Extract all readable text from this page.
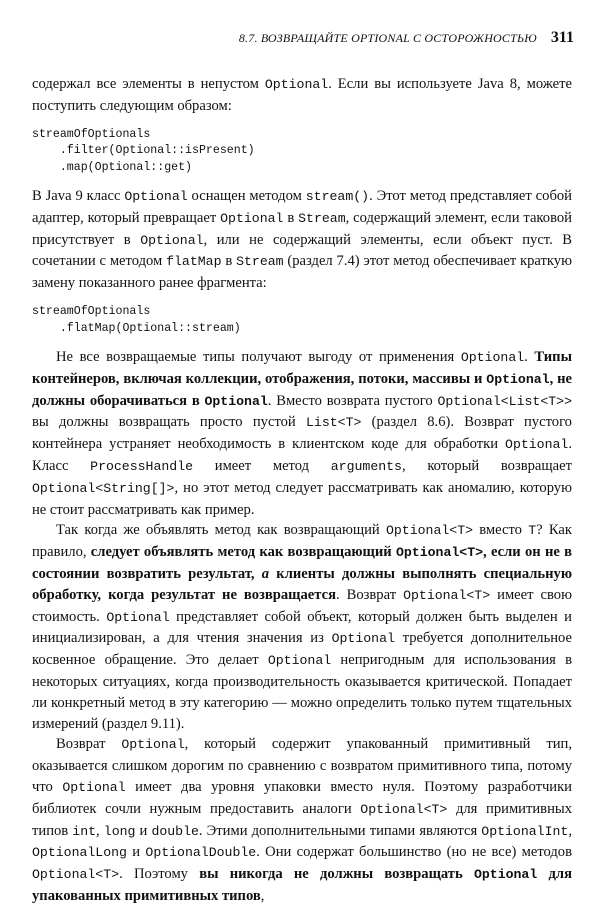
8.7. ВОЗВРАЩАЙТЕ OPTIONAL С ОСТОРОЖНОСТЬЮ 311

содержал все элементы в непустом Optional. Если вы используете Java 8, можете поступить следующим образом:

streamOfOptionals
.filter(Optional::isPresent)
.map(Optional::get)

В Java 9 класс Optional оснащен методом stream(). Этот метод представляет собой адаптер, который превращает Optional в Stream, содержащий элемент, если таковой присутствует в Optional, или не содержащий элементы, если объект пуст. В сочетании с методом flatMap в Stream (раздел 7.4) этот метод обеспечивает краткую замену показанного ранее фрагмента:

streamOfOptionals
.flatMap(Optional::stream)

Не все возвращаемые типы получают выгоду от применения Optional. Типы контейнеров, включая коллекции, отображения, потоки, массивы и Optional, не должны оборачиваться в Optional. Вместо возврата пустого Optional<List<T>> вы должны возвращать просто пустой List<T> (раздел 8.6). Возврат пустого контейнера устраняет необходимость в клиентском коде для обработки Optional. Класс ProcessHandle имеет метод arguments, который возвращает Optional<String[]>, но этот метод следует рассматривать как аномалию, которую не стоит рассматривать как пример.

Так когда же объявлять метод как возвращающий Optional<T> вместо T? Как правило, следует объявлять метод как возвращающий Optional<T>, если он не в состоянии возвратить результат, а клиенты должны выполнять специальную обработку, когда результат не возвращается. Возврат Optional<T> имеет свою стоимость. Optional представляет собой объект, который должен быть выделен и инициализирован, а для чтения значения из Optional требуется дополнительное косвенное обращение. Это делает Optional непригодным для использования в некоторых ситуациях, когда производительность оказывается критической. Попадает ли конкретный метод в эту категорию — можно определить только путем тщательных измерений (раздел 9.11).

Возврат Optional, который содержит упакованный примитивный тип, оказывается слишком дорогим по сравнению с возвратом примитивного типа, потому что Optional имеет два уровня упаковки вместо нуля. Поэтому разработчики библиотек сочли нужным предоставить аналоги Optional<T> для примитивных типов int, long и double. Этими дополнительными типами являются OptionalInt, OptionalLong и OptionalDouble. Они содержат большинство (но не все) методов Optional<T>. Поэтому вы никогда не должны возвращать Optional для упакованных примитивных типов,
